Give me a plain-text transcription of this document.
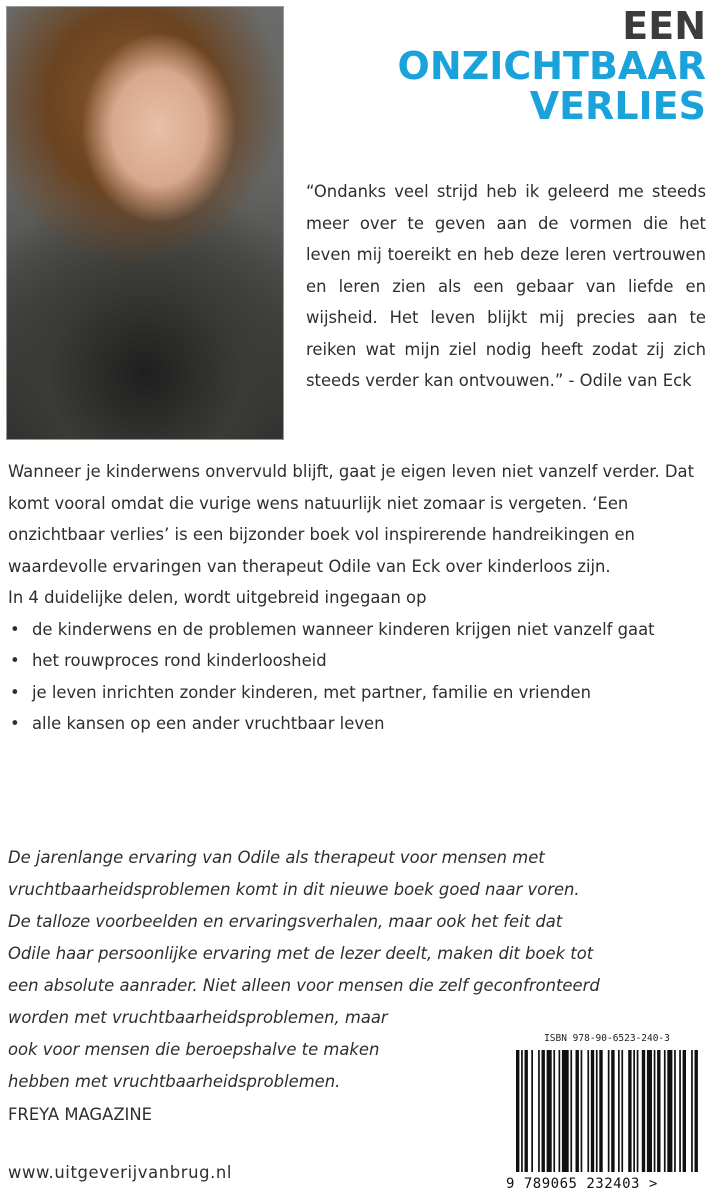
EEN
ONZICHTBAAR
VERLIES
“Ondanks veel strijd heb ik geleerd me steeds meer over te geven aan de vormen die het leven mij toereikt en heb deze leren vertrouwen en leren zien als een gebaar van liefde en wijsheid. Het leven blijkt mij precies aan te reiken wat mijn ziel nodig heeft zodat zij zich steeds verder kan ontvouwen.” - Odile van Eck

Wanneer je kinderwens onvervuld blijft, gaat je eigen leven niet vanzelf verder. Dat komt vooral omdat die vurige wens natuurlijk niet zomaar is vergeten. ‘Een onzichtbaar verlies’ is een bijzonder boek vol inspirerende handreikingen en waardevolle ervaringen van therapeut Odile van Eck over kinderloos zijn.

In 4 duidelijke delen, wordt uitgebreid ingegaan op

• de kinderwens en de problemen wanneer kinderen krijgen niet vanzelf gaat
• het rouwproces rond kinderloosheid
• je leven inrichten zonder kinderen, met partner, familie en vrienden
• alle kansen op een ander vruchtbaar leven

De jarenlange ervaring van Odile als therapeut voor mensen met

vruchtbaarheidsproblemen komt in dit nieuwe boek goed naar voren.

De talloze voorbeelden en ervaringsverhalen, maar ook het feit dat

Odile haar persoonlijke ervaring met de lezer deelt, maken dit boek tot

een absolute aanrader. Niet alleen voor mensen die zelf geconfronteerd

worden met vruchtbaarheidsproblemen, maar

ook voor mensen die beroepshalve te maken

hebben met vruchtbaarheidsproblemen.

FREYA MAGAZINE
www.uitgeverijvanbrug.nl
ISBN 978-90-6523-240-3
9 789065 232403 >
